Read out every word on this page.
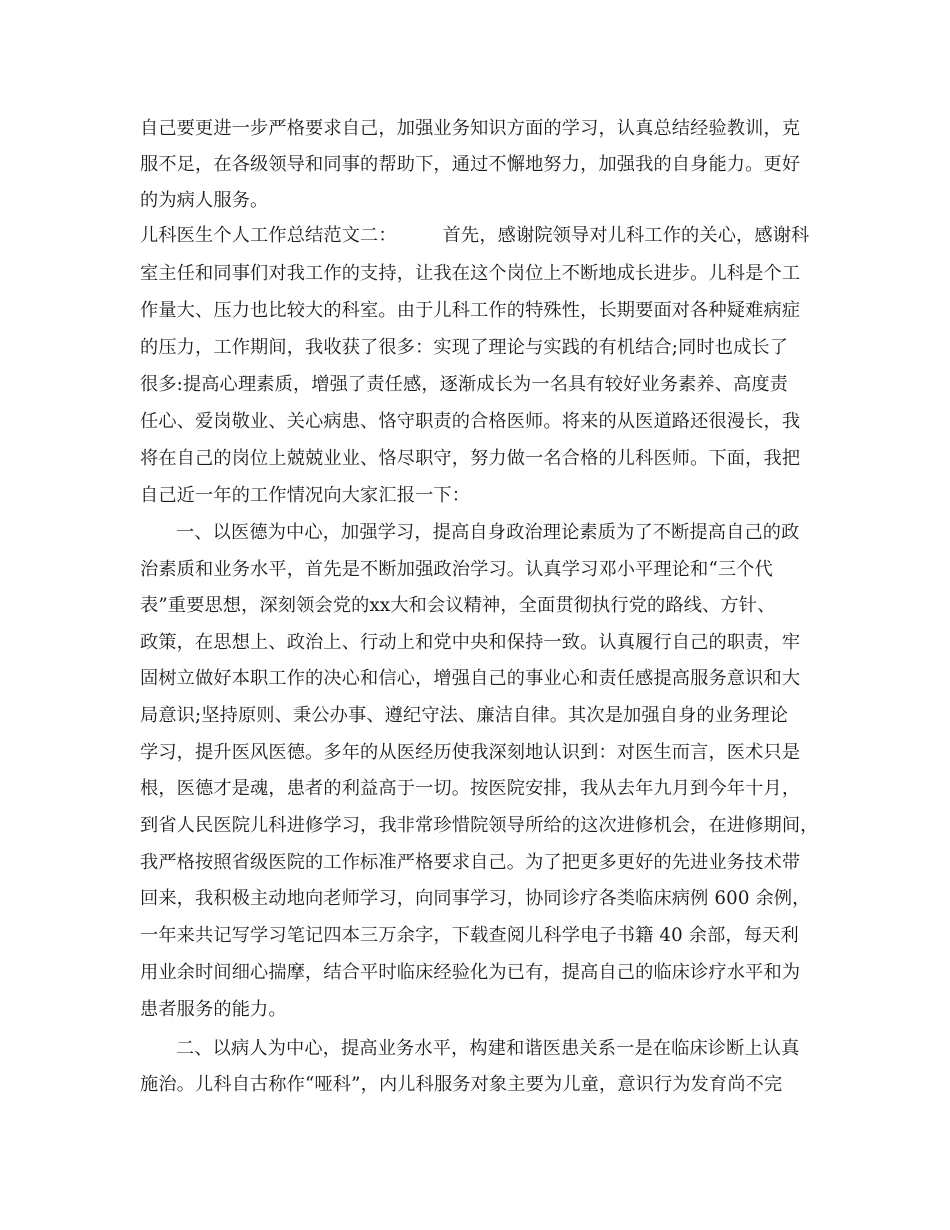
自己要更进一步严格要求自己，加强业务知识方面的学习，认真总结经验教训，克
服不足，在各级领导和同事的帮助下，通过不懈地努力，加强我的自身能力。更好
的为病人服务。
儿科医生个人工作总结范文二：　　　首先，感谢院领导对儿科工作的关心，感谢科
室主任和同事们对我工作的支持，让我在这个岗位上不断地成长进步。儿科是个工
作量大、压力也比较大的科室。由于儿科工作的特殊性，长期要面对各种疑难病症
的压力，工作期间，我收获了很多：实现了理论与实践的有机结合;同时也成长了
很多:提高心理素质，增强了责任感，逐渐成长为一名具有较好业务素养、高度责
任心、爱岗敬业、关心病患、恪守职责的合格医师。将来的从医道路还很漫长，我
将在自己的岗位上兢兢业业、恪尽职守，努力做一名合格的儿科医师。下面，我把
自己近一年的工作情况向大家汇报一下：
一、以医德为中心，加强学习，提高自身政治理论素质为了不断提高自己的政
治素质和业务水平，首先是不断加强政治学习。认真学习邓小平理论和“三个代
表”重要思想，深刻领会党的xx大和会议精神，全面贯彻执行党的路线、方针、
政策，在思想上、政治上、行动上和党中央和保持一致。认真履行自己的职责，牢
固树立做好本职工作的决心和信心，增强自己的事业心和责任感提高服务意识和大
局意识;坚持原则、秉公办事、遵纪守法、廉洁自律。其次是加强自身的业务理论
学习，提升医风医德。多年的从医经历使我深刻地认识到：对医生而言，医术只是
根，医德才是魂，患者的利益高于一切。按医院安排，我从去年九月到今年十月，
到省人民医院儿科进修学习，我非常珍惜院领导所给的这次进修机会，在进修期间，
我严格按照省级医院的工作标准严格要求自己。为了把更多更好的先进业务技术带
回来，我积极主动地向老师学习，向同事学习，协同诊疗各类临床病例 600 余例，
一年来共记写学习笔记四本三万余字，下载查阅儿科学电子书籍 40 余部，每天利
用业余时间细心揣摩，结合平时临床经验化为已有，提高自己的临床诊疗水平和为
患者服务的能力。
二、以病人为中心，提高业务水平，构建和谐医患关系一是在临床诊断上认真
施治。儿科自古称作“哑科”，内儿科服务对象主要为儿童，意识行为发育尚不完
